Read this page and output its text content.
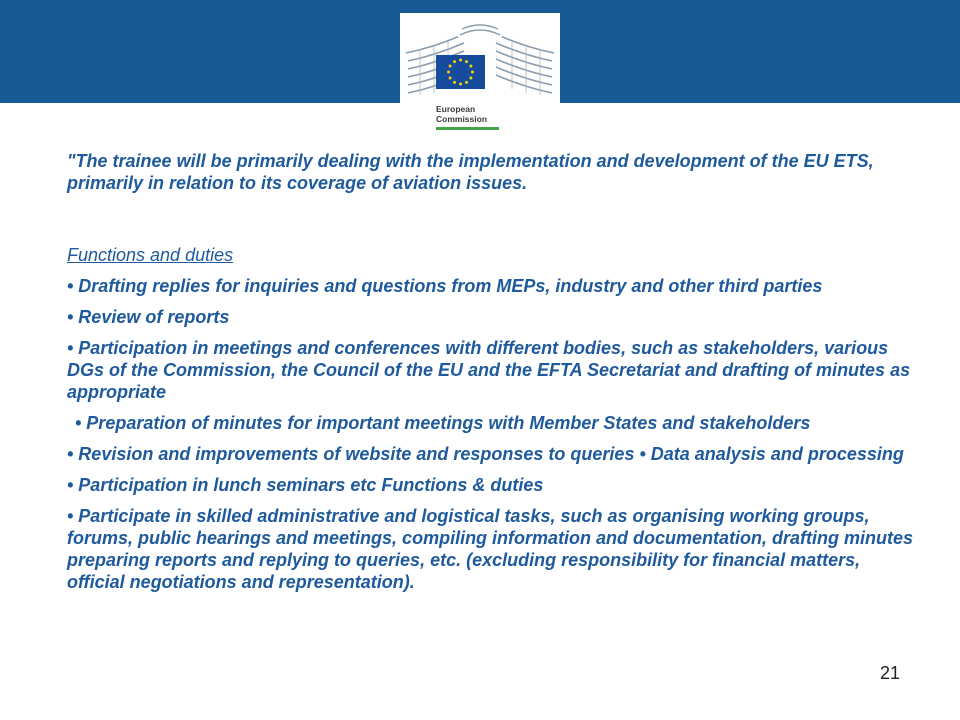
European
Commission

"The trainee will be primarily dealing with the implementation and development of the EU ETS, primarily in relation to its coverage of aviation issues.

Functions and duties

• Drafting replies for inquiries and questions from MEPs, industry and other third parties

• Review of reports

• Participation in meetings and conferences with different bodies, such as stakeholders, various DGs of the Commission, the Council of the EU and the EFTA Secretariat and drafting of minutes as appropriate

• Preparation of minutes for important meetings with Member States and stakeholders

• Revision and improvements of website and responses to queries • Data analysis and processing

• Participation in lunch seminars etc Functions & duties

• Participate in skilled administrative and logistical tasks, such as organising working groups, forums, public hearings and meetings, compiling information and documentation, drafting minutes preparing reports and replying to queries, etc. (excluding responsibility for financial matters, official negotiations and representation).

21
